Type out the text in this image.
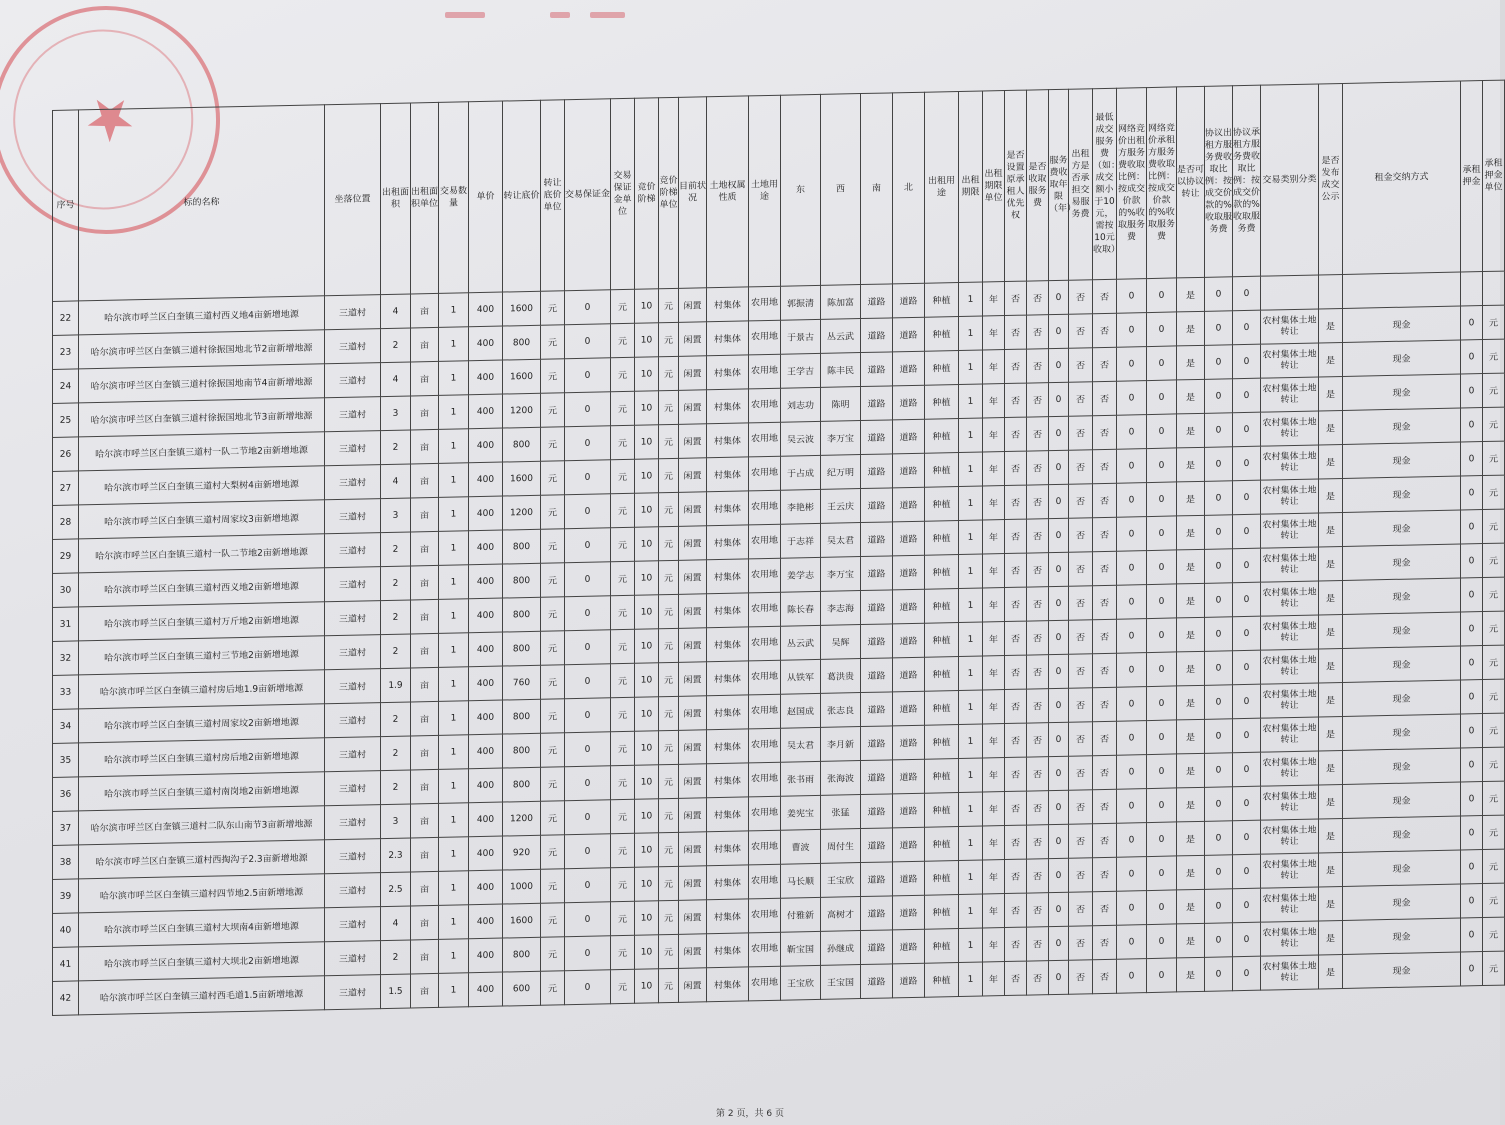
★
序号	标的名称	坐落位置	出租面积	出租面积单位	交易数量	单价	转让底价	转让底价单位	交易保证金	交易保证金单位	竞价阶梯	竞价阶梯单位	目前状况	土地权属性质	土地用途	东	西	南	北	出租用途	出租期限	出租期限单位	是否设置原承租人优先权	是否收取服务费	服务费收取年限（年）	出租方是否承担交易服务费	最低成交服务费（如：成交额小于10元，需按10元收取）	网络竞价出租方服务费收取比例：按成交价款的%收取服务费	网络竞价承租方服务费收取比例：按成交价款的%收取服务费	是否可以协议转让	协议出租方服务费收取比例：按成交价款的%收取服务费	协议承租方服务费收取比例：按成交价款的%收取服务费	交易类别分类	是否发布成交公示	租金交纳方式	承租押金	承租押金单位
22	哈尔滨市呼兰区白奎镇三道村西义地4亩新增地源	三道村	4	亩	1	400	1600	元	0	元	10	元	闲置	村集体	农用地	郭振清	陈加富	道路	道路	种植	1	年	否	否	0	否	否	0	0	是	0	0					
23	哈尔滨市呼兰区白奎镇三道村徐振国地北节2亩新增地源	三道村	2	亩	1	400	800	元	0	元	10	元	闲置	村集体	农用地	于景古	丛云武	道路	道路	种植	1	年	否	否	0	否	否	0	0	是	0	0	农村集体土地转让	是	现金	0	元
24	哈尔滨市呼兰区白奎镇三道村徐振国地南节4亩新增地源	三道村	4	亩	1	400	1600	元	0	元	10	元	闲置	村集体	农用地	王学吉	陈丰民	道路	道路	种植	1	年	否	否	0	否	否	0	0	是	0	0	农村集体土地转让	是	现金	0	元
25	哈尔滨市呼兰区白奎镇三道村徐振国地北节3亩新增地源	三道村	3	亩	1	400	1200	元	0	元	10	元	闲置	村集体	农用地	刘志功	陈明	道路	道路	种植	1	年	否	否	0	否	否	0	0	是	0	0	农村集体土地转让	是	现金	0	元
26	哈尔滨市呼兰区白奎镇三道村一队二节地2亩新增地源	三道村	2	亩	1	400	800	元	0	元	10	元	闲置	村集体	农用地	吴云波	李万宝	道路	道路	种植	1	年	否	否	0	否	否	0	0	是	0	0	农村集体土地转让	是	现金	0	元
27	哈尔滨市呼兰区白奎镇三道村大梨树4亩新增地源	三道村	4	亩	1	400	1600	元	0	元	10	元	闲置	村集体	农用地	于占成	纪万明	道路	道路	种植	1	年	否	否	0	否	否	0	0	是	0	0	农村集体土地转让	是	现金	0	元
28	哈尔滨市呼兰区白奎镇三道村周家坟3亩新增地源	三道村	3	亩	1	400	1200	元	0	元	10	元	闲置	村集体	农用地	李艳彬	王云庆	道路	道路	种植	1	年	否	否	0	否	否	0	0	是	0	0	农村集体土地转让	是	现金	0	元
29	哈尔滨市呼兰区白奎镇三道村一队二节地2亩新增地源	三道村	2	亩	1	400	800	元	0	元	10	元	闲置	村集体	农用地	于志祥	吴太君	道路	道路	种植	1	年	否	否	0	否	否	0	0	是	0	0	农村集体土地转让	是	现金	0	元
30	哈尔滨市呼兰区白奎镇三道村西义地2亩新增地源	三道村	2	亩	1	400	800	元	0	元	10	元	闲置	村集体	农用地	姜学志	李万宝	道路	道路	种植	1	年	否	否	0	否	否	0	0	是	0	0	农村集体土地转让	是	现金	0	元
31	哈尔滨市呼兰区白奎镇三道村万斤地2亩新增地源	三道村	2	亩	1	400	800	元	0	元	10	元	闲置	村集体	农用地	陈长春	李志海	道路	道路	种植	1	年	否	否	0	否	否	0	0	是	0	0	农村集体土地转让	是	现金	0	元
32	哈尔滨市呼兰区白奎镇三道村三节地2亩新增地源	三道村	2	亩	1	400	800	元	0	元	10	元	闲置	村集体	农用地	丛云武	吴辉	道路	道路	种植	1	年	否	否	0	否	否	0	0	是	0	0	农村集体土地转让	是	现金	0	元
33	哈尔滨市呼兰区白奎镇三道村房后地1.9亩新增地源	三道村	1.9	亩	1	400	760	元	0	元	10	元	闲置	村集体	农用地	从铁军	葛洪贵	道路	道路	种植	1	年	否	否	0	否	否	0	0	是	0	0	农村集体土地转让	是	现金	0	元
34	哈尔滨市呼兰区白奎镇三道村周家坟2亩新增地源	三道村	2	亩	1	400	800	元	0	元	10	元	闲置	村集体	农用地	赵国成	张志良	道路	道路	种植	1	年	否	否	0	否	否	0	0	是	0	0	农村集体土地转让	是	现金	0	元
35	哈尔滨市呼兰区白奎镇三道村房后地2亩新增地源	三道村	2	亩	1	400	800	元	0	元	10	元	闲置	村集体	农用地	吴太君	李月新	道路	道路	种植	1	年	否	否	0	否	否	0	0	是	0	0	农村集体土地转让	是	现金	0	元
36	哈尔滨市呼兰区白奎镇三道村南岗地2亩新增地源	三道村	2	亩	1	400	800	元	0	元	10	元	闲置	村集体	农用地	张书雨	张海波	道路	道路	种植	1	年	否	否	0	否	否	0	0	是	0	0	农村集体土地转让	是	现金	0	元
37	哈尔滨市呼兰区白奎镇三道村二队东山南节3亩新增地源	三道村	3	亩	1	400	1200	元	0	元	10	元	闲置	村集体	农用地	姜宪宝	张猛	道路	道路	种植	1	年	否	否	0	否	否	0	0	是	0	0	农村集体土地转让	是	现金	0	元
38	哈尔滨市呼兰区白奎镇三道村西掏沟子2.3亩新增地源	三道村	2.3	亩	1	400	920	元	0	元	10	元	闲置	村集体	农用地	曹波	周付生	道路	道路	种植	1	年	否	否	0	否	否	0	0	是	0	0	农村集体土地转让	是	现金	0	元
39	哈尔滨市呼兰区白奎镇三道村四节地2.5亩新增地源	三道村	2.5	亩	1	400	1000	元	0	元	10	元	闲置	村集体	农用地	马长顺	王宝欣	道路	道路	种植	1	年	否	否	0	否	否	0	0	是	0	0	农村集体土地转让	是	现金	0	元
40	哈尔滨市呼兰区白奎镇三道村大坝南4亩新增地源	三道村	4	亩	1	400	1600	元	0	元	10	元	闲置	村集体	农用地	付雅新	高树才	道路	道路	种植	1	年	否	否	0	否	否	0	0	是	0	0	农村集体土地转让	是	现金	0	元
41	哈尔滨市呼兰区白奎镇三道村大坝北2亩新增地源	三道村	2	亩	1	400	800	元	0	元	10	元	闲置	村集体	农用地	靳宝国	孙继成	道路	道路	种植	1	年	否	否	0	否	否	0	0	是	0	0	农村集体土地转让	是	现金	0	元
42	哈尔滨市呼兰区白奎镇三道村西毛道1.5亩新增地源	三道村	1.5	亩	1	400	600	元	0	元	10	元	闲置	村集体	农用地	王宝欣	王宝国	道路	道路	种植	1	年	否	否	0	否	否	0	0	是	0	0	农村集体土地转让	是	现金	0	元
第 2 页，共 6 页
